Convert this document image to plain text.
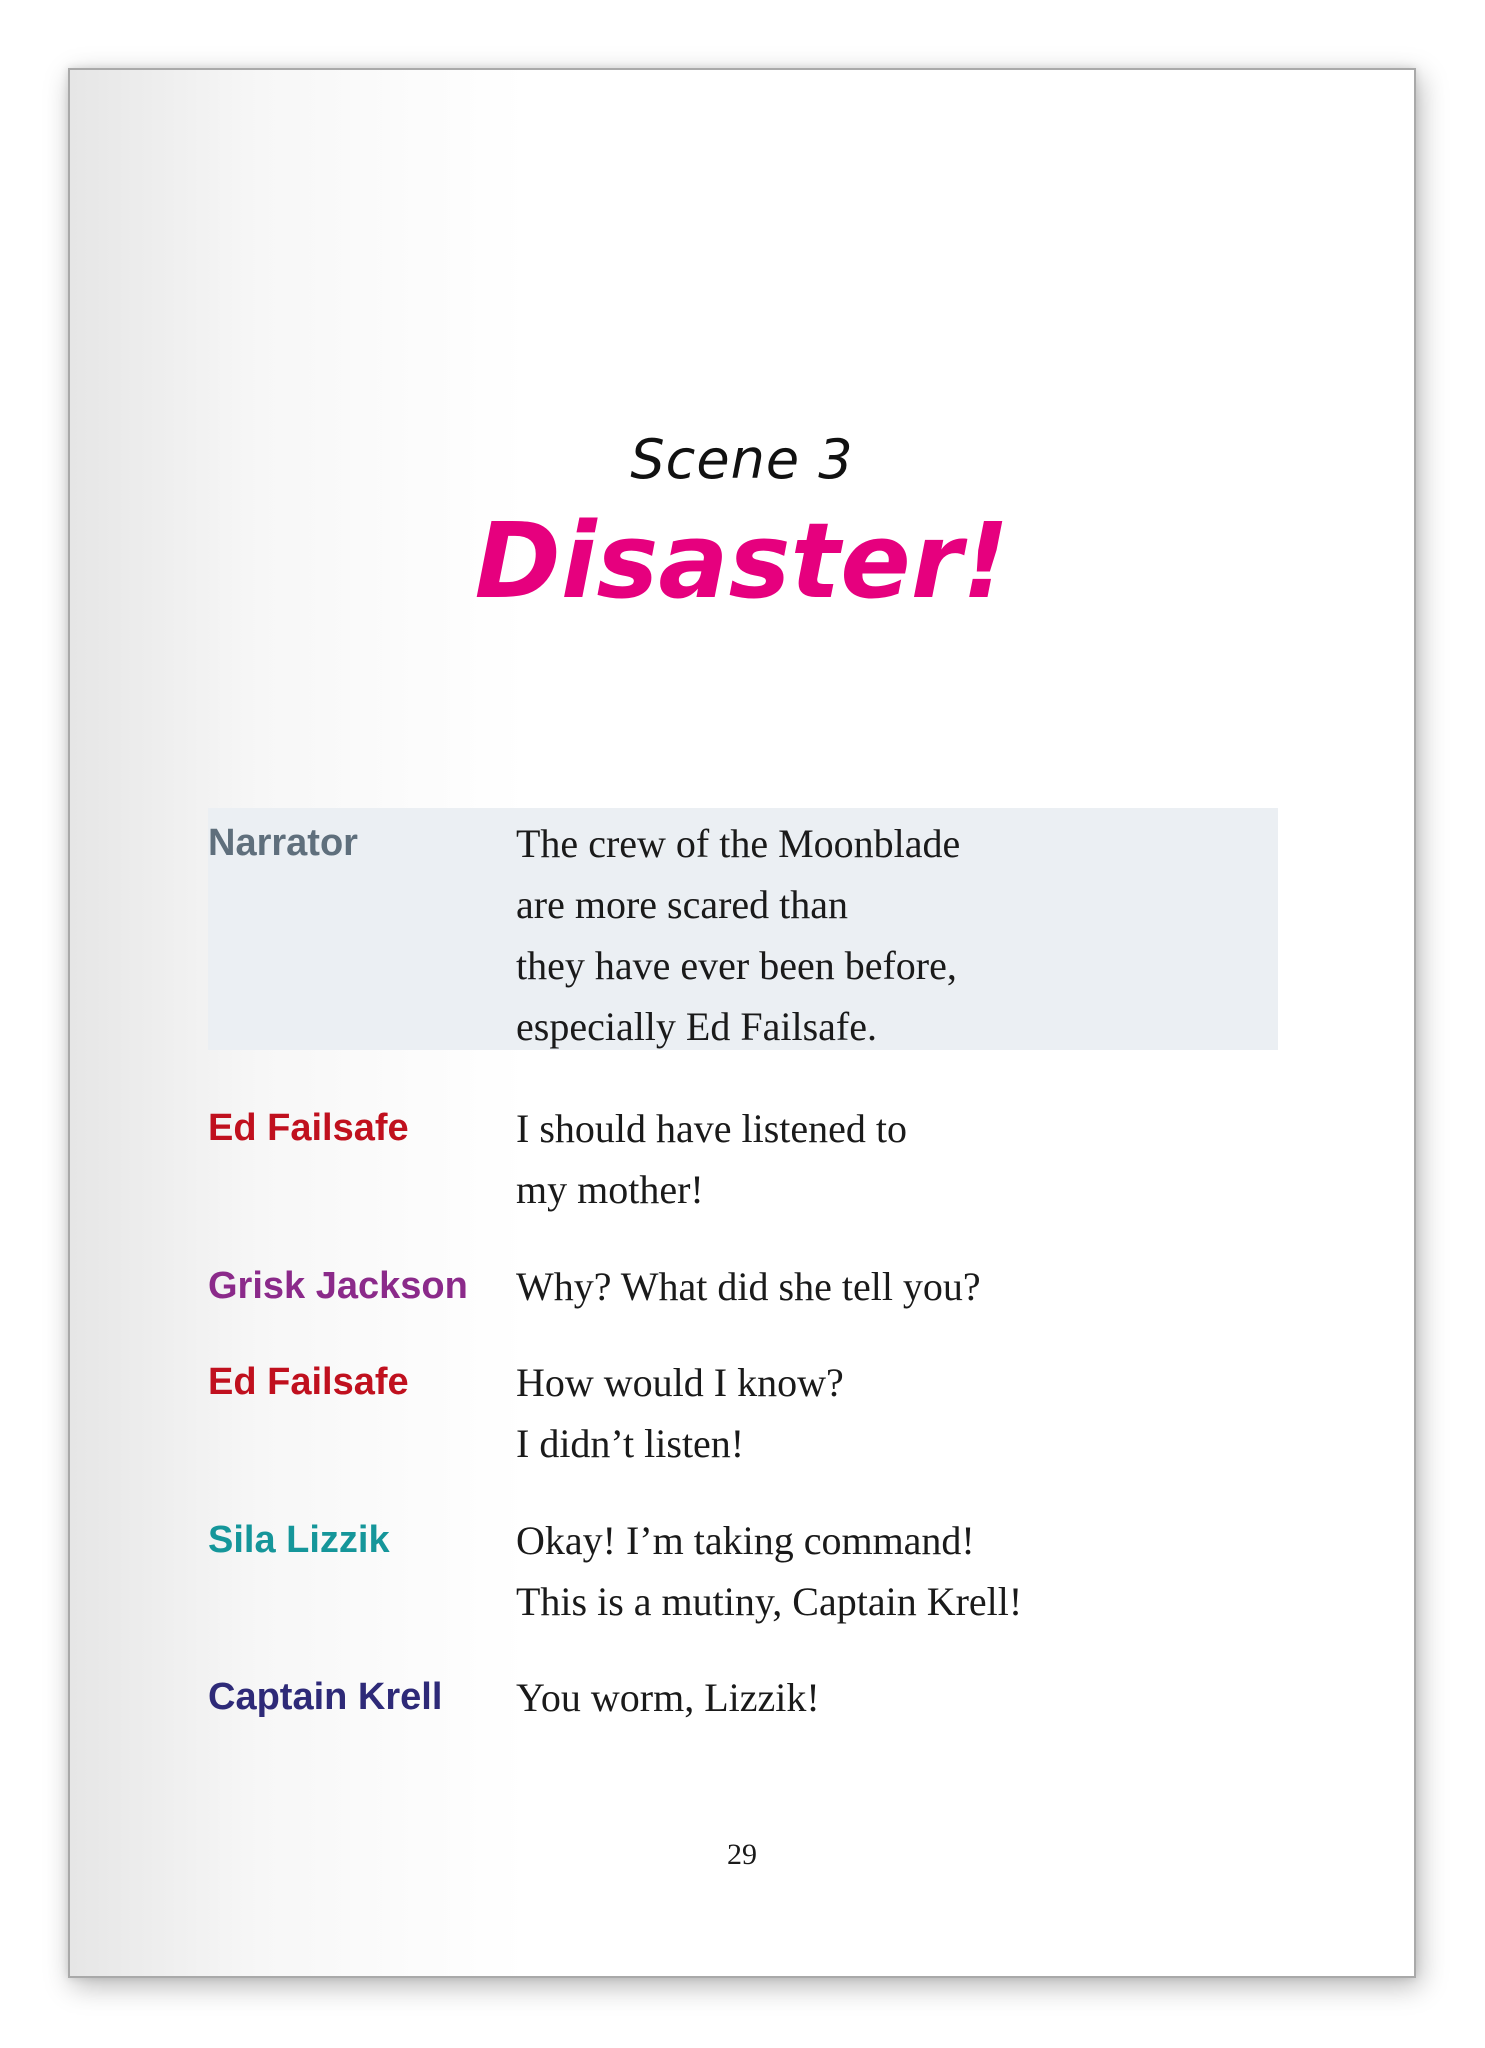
Scene 3
Disaster!
Narrator	The crew of the Moonblade
are more scared than
they have ever been before,
especially Ed Failsafe.
Ed Failsafe	I should have listened to
my mother!
Grisk Jackson Why? What did she tell you?
Ed Failsafe	How would I know?
I didn’t listen!
Sila Lizzik	Okay! I’m taking command!
This is a mutiny, Captain Krell!
Captain Krell You worm, Lizzik!
29
